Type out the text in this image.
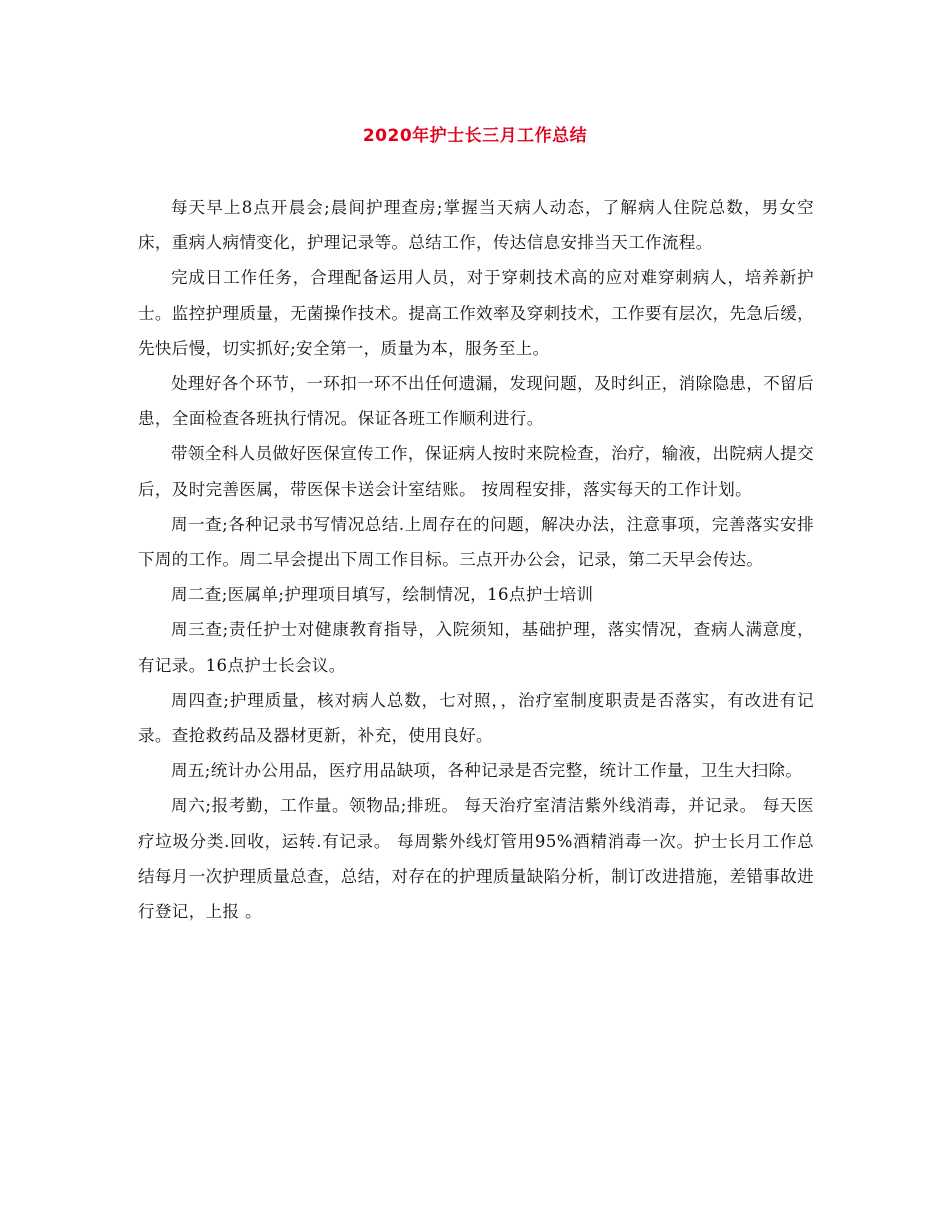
2020年护士长三月工作总结

每天早上8点开晨会;晨间护理查房;掌握当天病人动态，了解病人住院总数，男女空床，重病人病情变化，护理记录等。总结工作，传达信息安排当天工作流程。

完成日工作任务，合理配备运用人员，对于穿刺技术高的应对难穿刺病人，培养新护士。监控护理质量，无菌操作技术。提高工作效率及穿刺技术，工作要有层次，先急后缓，先快后慢，切实抓好;安全第一，质量为本，服务至上。

处理好各个环节，一环扣一环不出任何遗漏，发现问题，及时纠正，消除隐患，不留后患，全面检查各班执行情况。保证各班工作顺利进行。

带领全科人员做好医保宣传工作，保证病人按时来院检查，治疗，输液，出院病人提交后，及时完善医属，带医保卡送会计室结账。 按周程安排，落实每天的工作计划。

周一查;各种记录书写情况总结.上周存在的问题，解决办法，注意事项，完善落实安排下周的工作。周二早会提出下周工作目标。三点开办公会，记录，第二天早会传达。

周二查;医属单;护理项目填写，绘制情况，16点护士培训

周三查;责任护士对健康教育指导，入院须知，基础护理，落实情况，查病人满意度，有记录。16点护士长会议。

周四查;护理质量，核对病人总数，七对照，，治疗室制度职责是否落实，有改进有记录。查抢救药品及器材更新，补充，使用良好。

周五;统计办公用品，医疗用品缺项，各种记录是否完整，统计工作量，卫生大扫除。

周六;报考勤，工作量。领物品;排班。 每天治疗室清洁紫外线消毒，并记录。 每天医疗垃圾分类.回收，运转.有记录。 每周紫外线灯管用95%酒精消毒一次。护士长月工作总结每月一次护理质量总查，总结，对存在的护理质量缺陷分析，制订改进措施，差错事故进行登记，上报 。
